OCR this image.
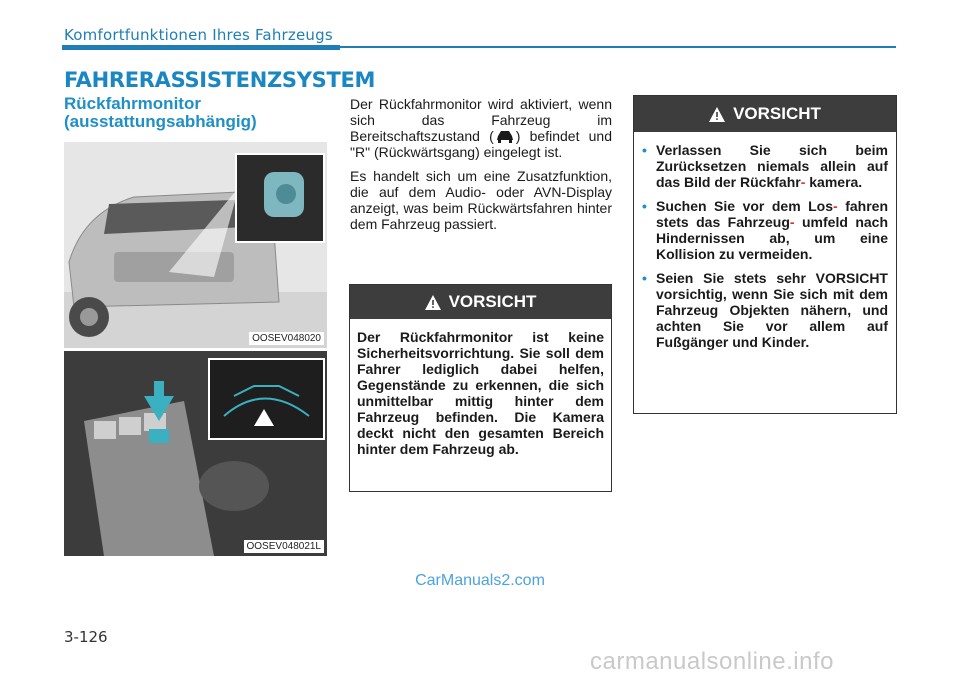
Komfortfunktionen Ihres Fahrzeugs
FAHRERASSISTENZSYSTEM
Rückfahrmonitor
(ausstattungsabhängig)
OOSEV048020
OOSEV048021L

Der Rückfahrmonitor wird aktiviert, wenn sich das Fahrzeug im Bereitschaftszustand ( ) befindet und "R" (Rückwärtsgang) eingelegt ist.

Es handelt sich um eine Zusatzfunktion, die auf dem Audio- oder AVN-Display anzeigt, was beim Rückwärtsfahren hinter dem Fahrzeug passiert.

VORSICHT
Der Rückfahrmonitor ist keine Sicherheitsvorrichtung. Sie soll dem Fahrer lediglich dabei helfen, Gegenstände zu erkennen, die sich unmittelbar mittig hinter dem Fahrzeug befinden. Die Kamera deckt nicht den gesamten Bereich hinter dem Fahrzeug ab.
VORSICHT
• Verlassen Sie sich beim Zurücksetzen niemals allein auf das Bild der Rückfahr- kamera.
• Suchen Sie vor dem Los- fahren stets das Fahrzeug- umfeld nach Hindernissen ab, um eine Kollision zu vermeiden.
• Seien Sie stets sehr VORSICHT vorsichtig, wenn Sie sich mit dem Fahrzeug Objekten nähern, und achten Sie vor allem auf Fußgänger und Kinder.
CarManuals2.com
3-126
carmanualsonline.info
